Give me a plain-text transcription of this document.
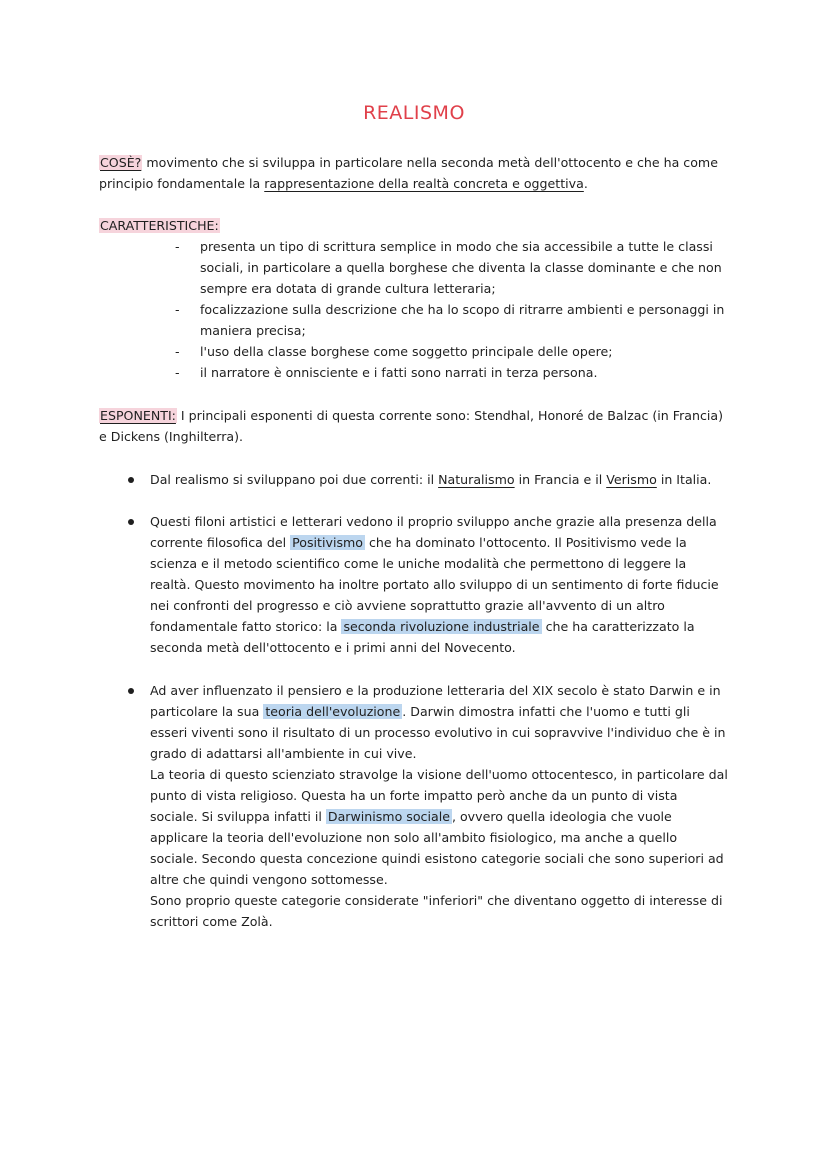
REALISMO
COSÈ? movimento che si sviluppa in particolare nella seconda metà dell'ottocento e che ha come principio fondamentale la rappresentazione della realtà concreta e oggettiva.
CARATTERISTICHE:
- presenta un tipo di scrittura semplice in modo che sia accessibile a tutte le classi sociali, in particolare a quella borghese che diventa la classe dominante e che non sempre era dotata di grande cultura letteraria;
- focalizzazione sulla descrizione che ha lo scopo di ritrarre ambienti e personaggi in maniera precisa;
- l'uso della classe borghese come soggetto principale delle opere;
- il narratore è onnisciente e i fatti sono narrati in terza persona.
ESPONENTI: I principali esponenti di questa corrente sono: Stendhal, Honoré de Balzac (in Francia) e Dickens (Inghilterra).
Dal realismo si sviluppano poi due correnti: il Naturalismo in Francia e il Verismo in Italia.
Questi filoni artistici e letterari vedono il proprio sviluppo anche grazie alla presenza della corrente filosofica del Positivismo che ha dominato l'ottocento. Il Positivismo vede la scienza e il metodo scientifico come le uniche modalità che permettono di leggere la realtà. Questo movimento ha inoltre portato allo sviluppo di un sentimento di forte fiducie nei confronti del progresso e ciò avviene soprattutto grazie all'avvento di un altro fondamentale fatto storico: la seconda rivoluzione industriale che ha caratterizzato la seconda metà dell'ottocento e i primi anni del Novecento.

Ad aver influenzato il pensiero e la produzione letteraria del XIX secolo è stato Darwin e in particolare la sua teoria dell'evoluzione . Darwin dimostra infatti che l'uomo e tutti gli esseri viventi sono il risultato di un processo evolutivo in cui sopravvive l'individuo che è in grado di adattarsi all'ambiente in cui vive.

La teoria di questo scienziato stravolge la visione dell'uomo ottocentesco, in particolare dal punto di vista religioso. Questa ha un forte impatto però anche da un punto di vista sociale. Si sviluppa infatti il Darwinismo sociale , ovvero quella ideologia che vuole applicare la teoria dell'evoluzione non solo all'ambito fisiologico, ma anche a quello sociale. Secondo questa concezione quindi esistono categorie sociali che sono superiori ad altre che quindi vengono sottomesse.

Sono proprio queste categorie considerate "inferiori" che diventano oggetto di interesse di scrittori come Zolà.
